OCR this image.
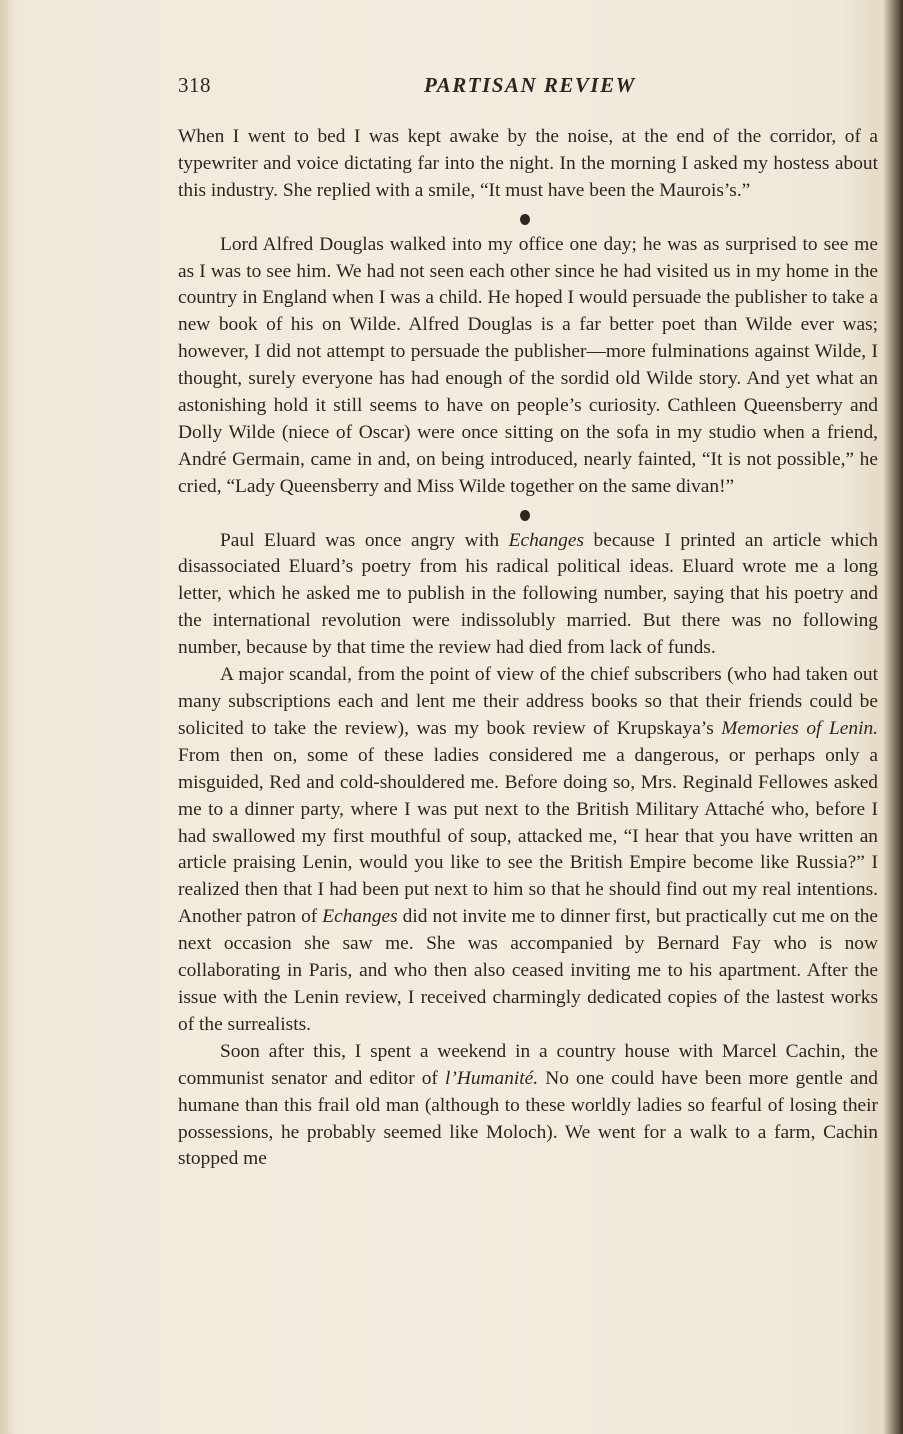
318	PARTISAN REVIEW

When I went to bed I was kept awake by the noise, at the end of the corridor, of a typewriter and voice dictating far into the night. In the morning I asked my hostess about this industry. She replied with a smile, “It must have been the Maurois’s.”

Lord Alfred Douglas walked into my office one day; he was as surprised to see me as I was to see him. We had not seen each other since he had visited us in my home in the country in England when I was a child. He hoped I would persuade the publisher to take a new book of his on Wilde. Alfred Douglas is a far better poet than Wilde ever was; however, I did not attempt to persuade the publisher—more fulminations against Wilde, I thought, surely everyone has had enough of the sordid old Wilde story. And yet what an astonishing hold it still seems to have on people’s curiosity. Cathleen Queensberry and Dolly Wilde (niece of Oscar) were once sitting on the sofa in my studio when a friend, André Germain, came in and, on being introduced, nearly fainted, “It is not possible,” he cried, “Lady Queensberry and Miss Wilde together on the same divan!”

Paul Eluard was once angry with Echanges because I printed an article which disassociated Eluard’s poetry from his radical political ideas. Eluard wrote me a long letter, which he asked me to publish in the following number, saying that his poetry and the international revolution were indissolubly married. But there was no following number, because by that time the review had died from lack of funds.

A major scandal, from the point of view of the chief subscribers (who had taken out many subscriptions each and lent me their address books so that their friends could be solicited to take the review), was my book review of Krupskaya’s Memories of Lenin. From then on, some of these ladies considered me a dangerous, or perhaps only a misguided, Red and cold-shouldered me. Before doing so, Mrs. Reginald Fellowes asked me to a dinner party, where I was put next to the British Military Attaché who, before I had swallowed my first mouthful of soup, attacked me, “I hear that you have written an article praising Lenin, would you like to see the British Empire become like Russia?” I realized then that I had been put next to him so that he should find out my real intentions. Another patron of Echanges did not invite me to dinner first, but practically cut me on the next occasion she saw me. She was accompanied by Bernard Fay who is now collaborating in Paris, and who then also ceased inviting me to his apartment. After the issue with the Lenin review, I received charmingly dedicated copies of the lastest works of the surrealists.

Soon after this, I spent a weekend in a country house with Marcel Cachin, the communist senator and editor of l’Humanité. No one could have been more gentle and humane than this frail old man (although to these worldly ladies so fearful of losing their possessions, he probably seemed like Moloch). We went for a walk to a farm, Cachin stopped me
